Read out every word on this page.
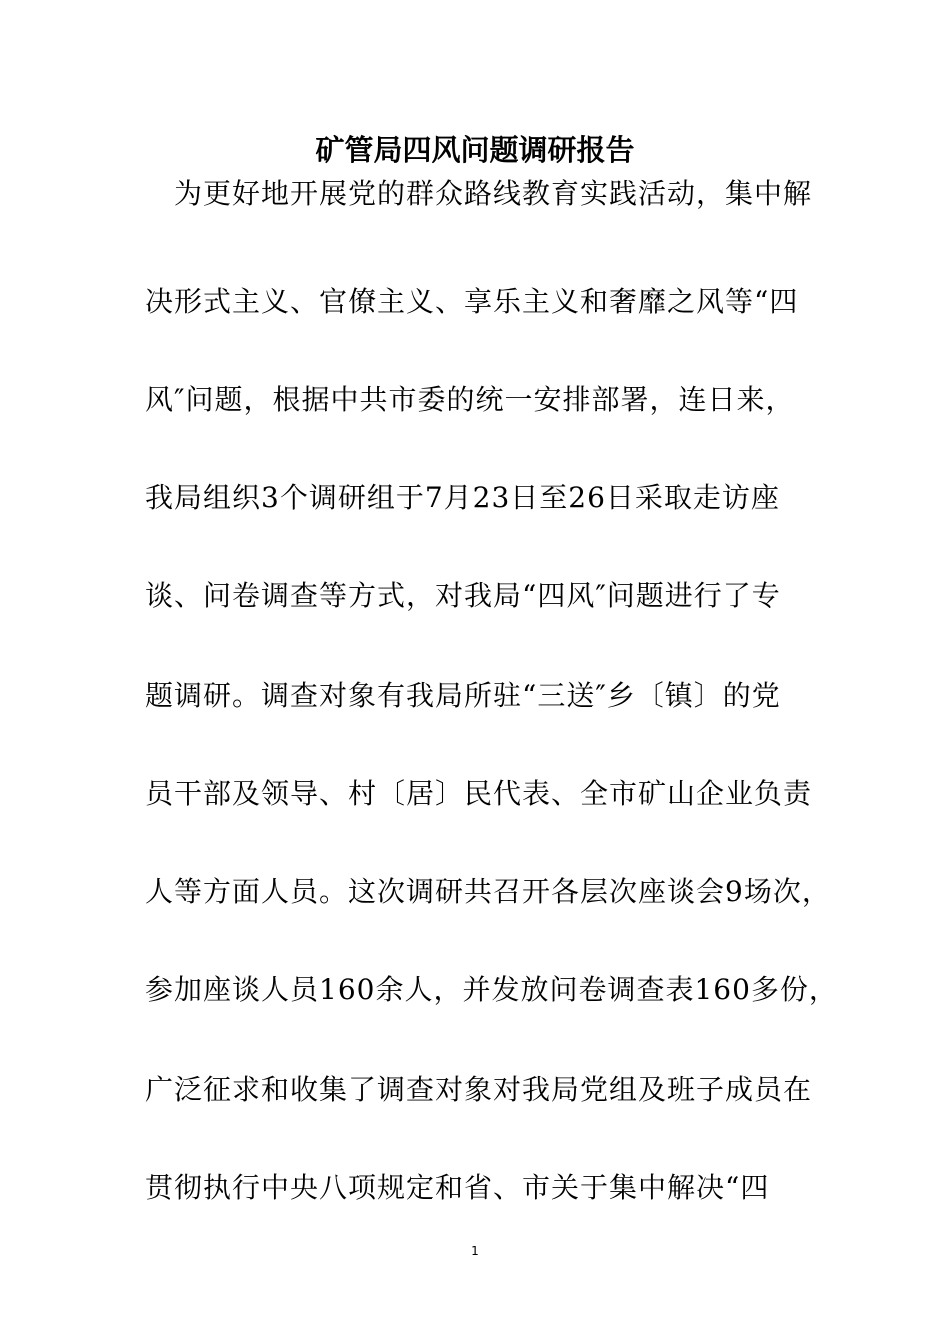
矿管局四风问题调研报告
　为更好地开展党的群众路线教育实践活动，集中解
决形式主义、官僚主义、享乐主义和奢靡之风等“四
风″问题，根据中共市委的统一安排部署，连日来，
我局组织3个调研组于7月23日至26日采取走访座
谈、问卷调查等方式，对我局“四风″问题进行了专
题调研。调查对象有我局所驻“三送″乡〔镇〕的党
员干部及领导、村〔居〕民代表、全市矿山企业负责
人等方面人员。这次调研共召开各层次座谈会9场次，
参加座谈人员160余人，并发放问卷调查表160多份，
广泛征求和收集了调查对象对我局党组及班子成员在
贯彻执行中央八项规定和省、市关于集中解决“四
1
